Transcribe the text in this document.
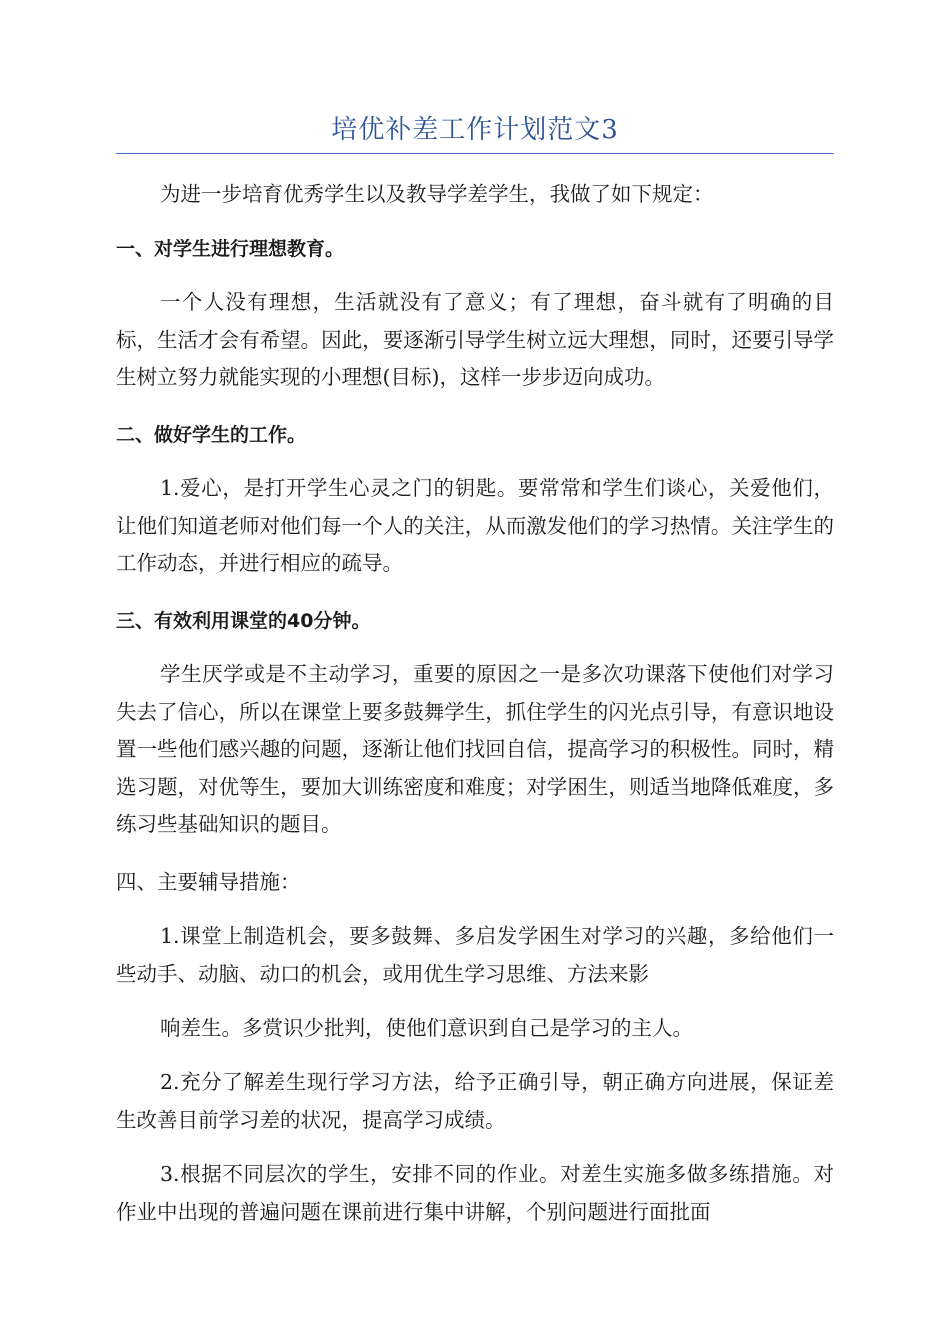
培优补差工作计划范文3

为进一步培育优秀学生以及教导学差学生，我做了如下规定：

一、对学生进行理想教育。

一个人没有理想，生活就没有了意义；有了理想，奋斗就有了明确的目标，生活才会有希望。因此，要逐渐引导学生树立远大理想，同时，还要引导学生树立努力就能实现的小理想(目标)，这样一步步迈向成功。

二、做好学生的工作。

1.爱心，是打开学生心灵之门的钥匙。要常常和学生们谈心，关爱他们，让他们知道老师对他们每一个人的关注，从而激发他们的学习热情。关注学生的工作动态，并进行相应的疏导。

三、有效利用课堂的40分钟。

学生厌学或是不主动学习，重要的原因之一是多次功课落下使他们对学习失去了信心，所以在课堂上要多鼓舞学生，抓住学生的闪光点引导，有意识地设置一些他们感兴趣的问题，逐渐让他们找回自信，提高学习的积极性。同时，精选习题，对优等生，要加大训练密度和难度；对学困生，则适当地降低难度，多练习些基础知识的题目。

四、主要辅导措施：

1.课堂上制造机会，要多鼓舞、多启发学困生对学习的兴趣，多给他们一些动手、动脑、动口的机会，或用优生学习思维、方法来影

响差生。多赏识少批判，使他们意识到自己是学习的主人。

2.充分了解差生现行学习方法，给予正确引导，朝正确方向进展，保证差生改善目前学习差的状况，提高学习成绩。

3.根据不同层次的学生，安排不同的作业。对差生实施多做多练措施。对作业中出现的普遍问题在课前进行集中讲解，个别问题进行面批面
